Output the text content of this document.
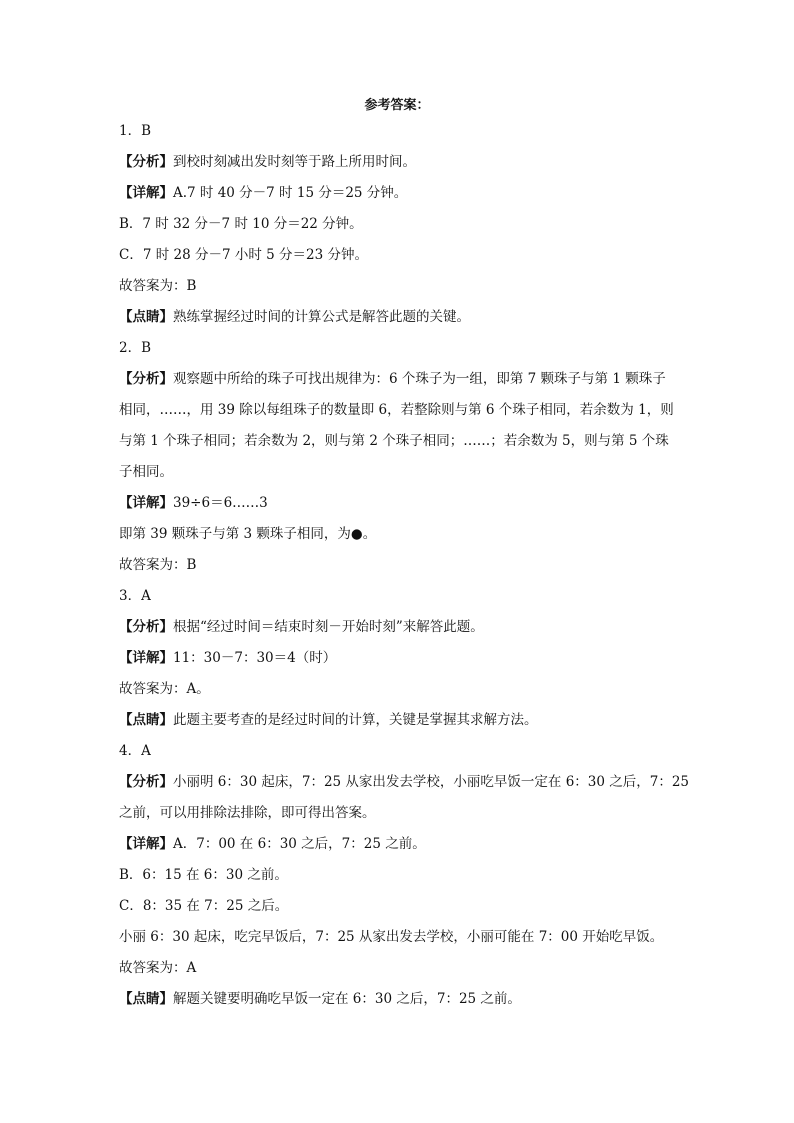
参考答案：
1．B
【分析】到校时刻减出发时刻等于路上所用时间。
【详解】A.7 时 40 分－7 时 15 分＝25 分钟。
B．7 时 32 分－7 时 10 分＝22 分钟。
C．7 时 28 分－7 小时 5 分＝23 分钟。
故答案为：B
【点睛】熟练掌握经过时间的计算公式是解答此题的关键。
2．B
【分析】观察题中所给的珠子可找出规律为：6 个珠子为一组，即第 7 颗珠子与第 1 颗珠子
相同，……，用 39 除以每组珠子的数量即 6，若整除则与第 6 个珠子相同，若余数为 1，则
与第 1 个珠子相同；若余数为 2，则与第 2 个珠子相同；……；若余数为 5，则与第 5 个珠
子相同。
【详解】39÷6＝6……3
即第 39 颗珠子与第 3 颗珠子相同，为●。
故答案为：B
3．A
【分析】根据“经过时间＝结束时刻－开始时刻”来解答此题。
【详解】11：30－7：30＝4（时）
故答案为：A。
【点睛】此题主要考查的是经过时间的计算，关键是掌握其求解方法。
4．A
【分析】小丽明 6：30 起床，7：25 从家出发去学校，小丽吃早饭一定在 6：30 之后，7：25
之前，可以用排除法排除，即可得出答案。
【详解】A．7：00 在 6：30 之后，7：25 之前。
B．6：15 在 6：30 之前。
C．8：35 在 7：25 之后。
小丽 6：30 起床，吃完早饭后，7：25 从家出发去学校，小丽可能在 7：00 开始吃早饭。
故答案为：A
【点睛】解题关键要明确吃早饭一定在 6：30 之后，7：25 之前。
